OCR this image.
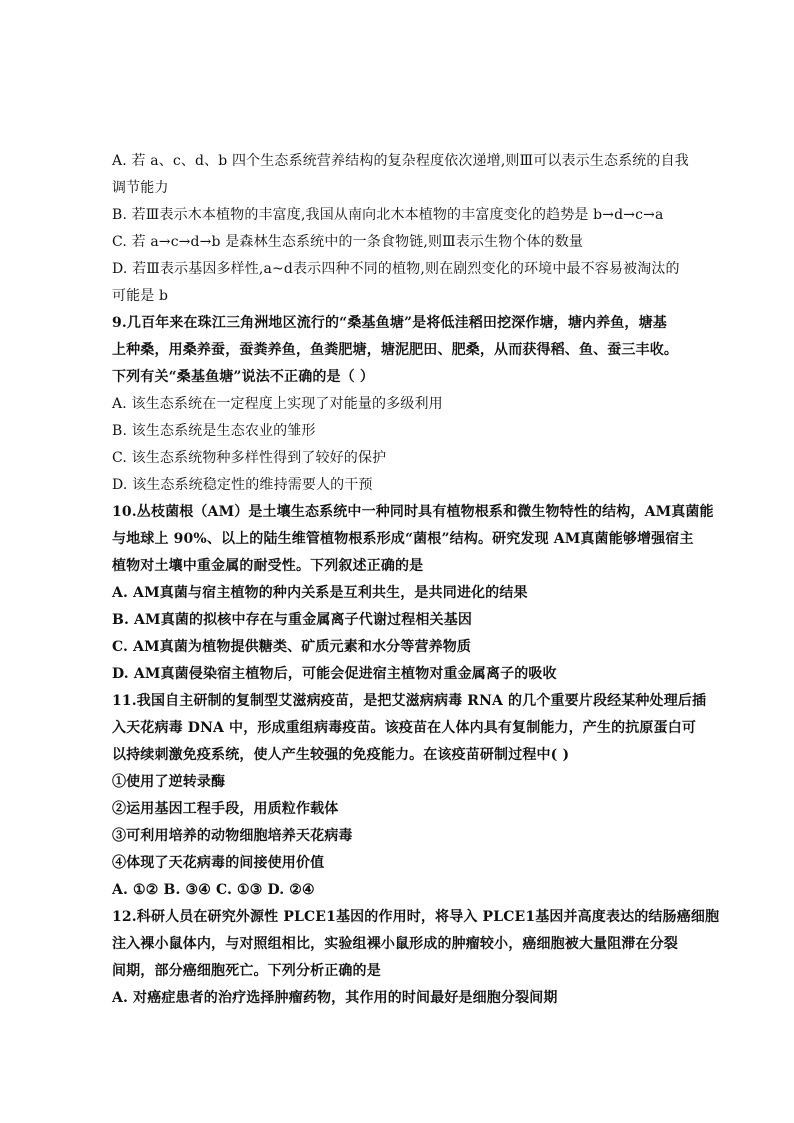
A. 若 a、c、d、b 四个生态系统营养结构的复杂程度依次递增,则Ⅲ可以表示生态系统的自我
调节能力
B. 若Ⅲ表示木本植物的丰富度,我国从南向北木本植物的丰富度变化的趋势是 b→d→c→a
C. 若 a→c→d→b 是森林生态系统中的一条食物链,则Ⅲ表示生物个体的数量
D. 若Ⅲ表示基因多样性,a~d表示四种不同的植物,则在剧烈变化的环境中最不容易被淘汰的
可能是 b
9.几百年来在珠江三角洲地区流行的“桑基鱼塘”是将低洼稻田挖深作塘，塘内养鱼，塘基
上种桑，用桑养蚕，蚕粪养鱼，鱼粪肥塘，塘泥肥田、肥桑，从而获得稻、鱼、蚕三丰收。
下列有关“桑基鱼塘”说法不正确的是（ ）
A. 该生态系统在一定程度上实现了对能量的多级利用
B. 该生态系统是生态农业的雏形
C. 该生态系统物种多样性得到了较好的保护
D. 该生态系统稳定性的维持需要人的干预
10.丛枝菌根（AM）是土壤生态系统中一种同时具有植物根系和微生物特性的结构，AM真菌能
与地球上 90%、以上的陆生维管植物根系形成“菌根”结构。研究发现 AM真菌能够增强宿主
植物对土壤中重金属的耐受性。下列叙述正确的是
A. AM真菌与宿主植物的种内关系是互利共生，是共同进化的结果
B. AM真菌的拟核中存在与重金属离子代谢过程相关基因
C. AM真菌为植物提供糖类、矿质元素和水分等营养物质
D. AM真菌侵染宿主植物后，可能会促进宿主植物对重金属离子的吸收
11.我国自主研制的复制型艾滋病疫苗，是把艾滋病病毒 RNA 的几个重要片段经某种处理后插
入天花病毒 DNA 中，形成重组病毒疫苗。该疫苗在人体内具有复制能力，产生的抗原蛋白可
以持续刺激免疫系统，使人产生较强的免疫能力。在该疫苗研制过程中( )
①使用了逆转录酶
②运用基因工程手段，用质粒作载体
③可利用培养的动物细胞培养天花病毒
④体现了天花病毒的间接使用价值
A. ①② B. ③④ C. ①③ D. ②④
12.科研人员在研究外源性 PLCE1基因的作用时，将导入 PLCE1基因并高度表达的结肠癌细胞
注入裸小鼠体内，与对照组相比，实验组裸小鼠形成的肿瘤较小，癌细胞被大量阻滞在分裂
间期，部分癌细胞死亡。下列分析正确的是
A. 对癌症患者的治疗选择肿瘤药物，其作用的时间最好是细胞分裂间期
